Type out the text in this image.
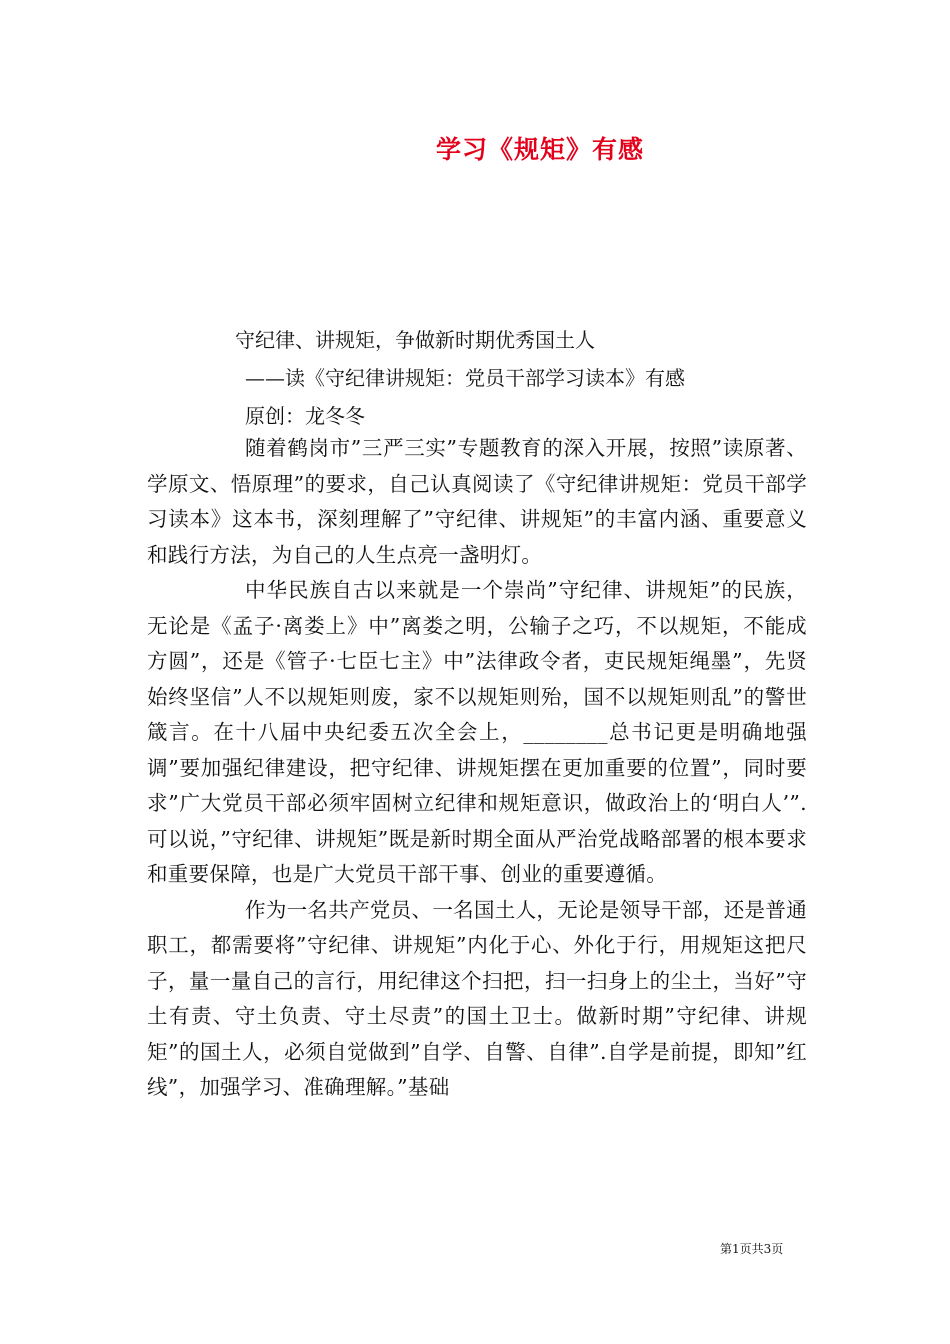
学习《规矩》有感
守纪律、讲规矩，争做新时期优秀国土人
——读《守纪律讲规矩：党员干部学习读本》有感
原创：龙冬冬

随着鹤岗市”三严三实”专题教育的深入开展，按照”读原著、学原文、悟原理”的要求，自己认真阅读了《守纪律讲规矩：党员干部学习读本》这本书，深刻理解了”守纪律、讲规矩”的丰富内涵、重要意义和践行方法，为自己的人生点亮一盏明灯。

中华民族自古以来就是一个崇尚”守纪律、讲规矩”的民族，无论是《孟子·离娄上》中”离娄之明，公输子之巧，不以规矩，不能成方圆”，还是《管子·七臣七主》中”法律政令者，吏民规矩绳墨”，先贤始终坚信”人不以规矩则废，家不以规矩则殆，国不以规矩则乱”的警世箴言。在十八届中央纪委五次全会上，________总书记更是明确地强调”要加强纪律建设，把守纪律、讲规矩摆在更加重要的位置”，同时要求”广大党员干部必须牢固树立纪律和规矩意识，做政治上的‘明白人’”.可以说，”守纪律、讲规矩”既是新时期全面从严治党战略部署的根本要求和重要保障，也是广大党员干部干事、创业的重要遵循。

作为一名共产党员、一名国土人，无论是领导干部，还是普通职工，都需要将”守纪律、讲规矩”内化于心、外化于行，用规矩这把尺子，量一量自己的言行，用纪律这个扫把，扫一扫身上的尘土，当好”守土有责、守土负责、守土尽责”的国土卫士。做新时期”守纪律、讲规矩”的国土人，必须自觉做到”自学、自警、自律”.自学是前提，即知”红线”，加强学习、准确理解。”基础

第1页共3页
